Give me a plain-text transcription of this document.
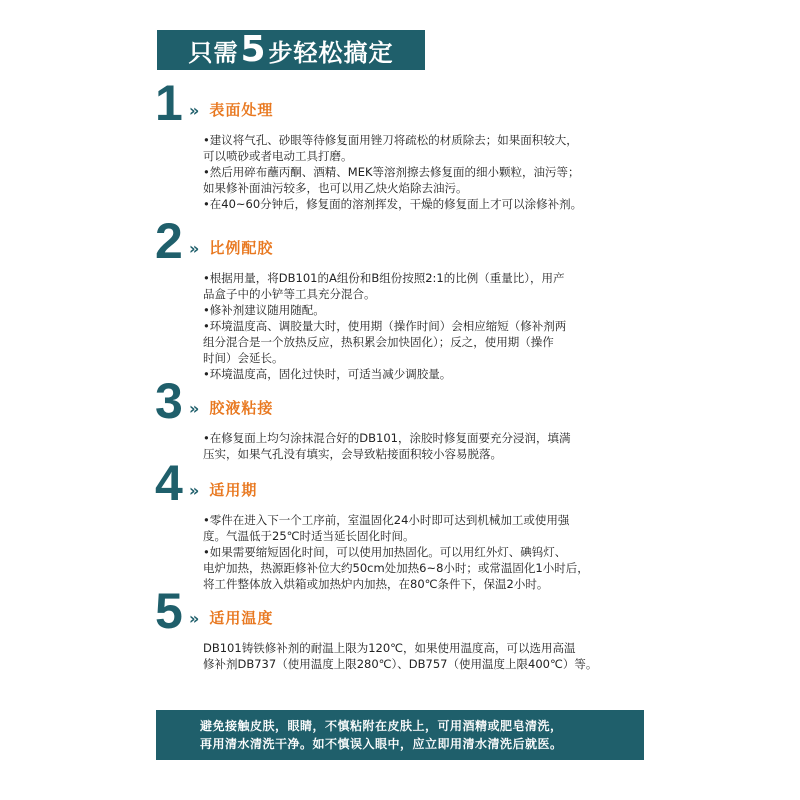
只需 5 步轻松搞定
1 » 表面处理

•建议将气孔、砂眼等待修复面用锉刀将疏松的材质除去；如果面积较大，

可以喷砂或者电动工具打磨。

•然后用碎布蘸丙酮、酒精、MEK等溶剂擦去修复面的细小颗粒，油污等；

如果修补面油污较多，也可以用乙炔火焰除去油污。

•在40~60分钟后，修复面的溶剂挥发，干燥的修复面上才可以涂修补剂。

2 » 比例配胶

•根据用量，将DB101的A组份和B组份按照2:1的比例（重量比），用产

品盒子中的小铲等工具充分混合。

•修补剂建议随用随配。

•环境温度高、调胶量大时，使用期（操作时间）会相应缩短（修补剂两

组分混合是一个放热反应，热积累会加快固化）；反之，使用期（操作

时间）会延长。

•环境温度高，固化过快时，可适当减少调胶量。

3 » 胶液粘接

•在修复面上均匀涂抹混合好的DB101，涂胶时修复面要充分浸润，填满

压实，如果气孔没有填实，会导致粘接面积较小容易脱落。

4 » 适用期

•零件在进入下一个工序前，室温固化24小时即可达到机械加工或使用强

度。气温低于25℃时适当延长固化时间。

•如果需要缩短固化时间，可以使用加热固化。可以用红外灯、碘钨灯、

电炉加热，热源距修补位大约50cm处加热6~8小时；或常温固化1小时后，

将工件整体放入烘箱或加热炉内加热，在80℃条件下，保温2小时。

5 » 适用温度

DB101铸铁修补剂的耐温上限为120℃，如果使用温度高，可以选用高温

修补剂DB737（使用温度上限280℃）、DB757（使用温度上限400℃）等。

避免接触皮肤，眼睛，不慎粘附在皮肤上，可用酒精或肥皂清洗，

再用清水清洗干净。如不慎误入眼中，应立即用清水清洗后就医。
